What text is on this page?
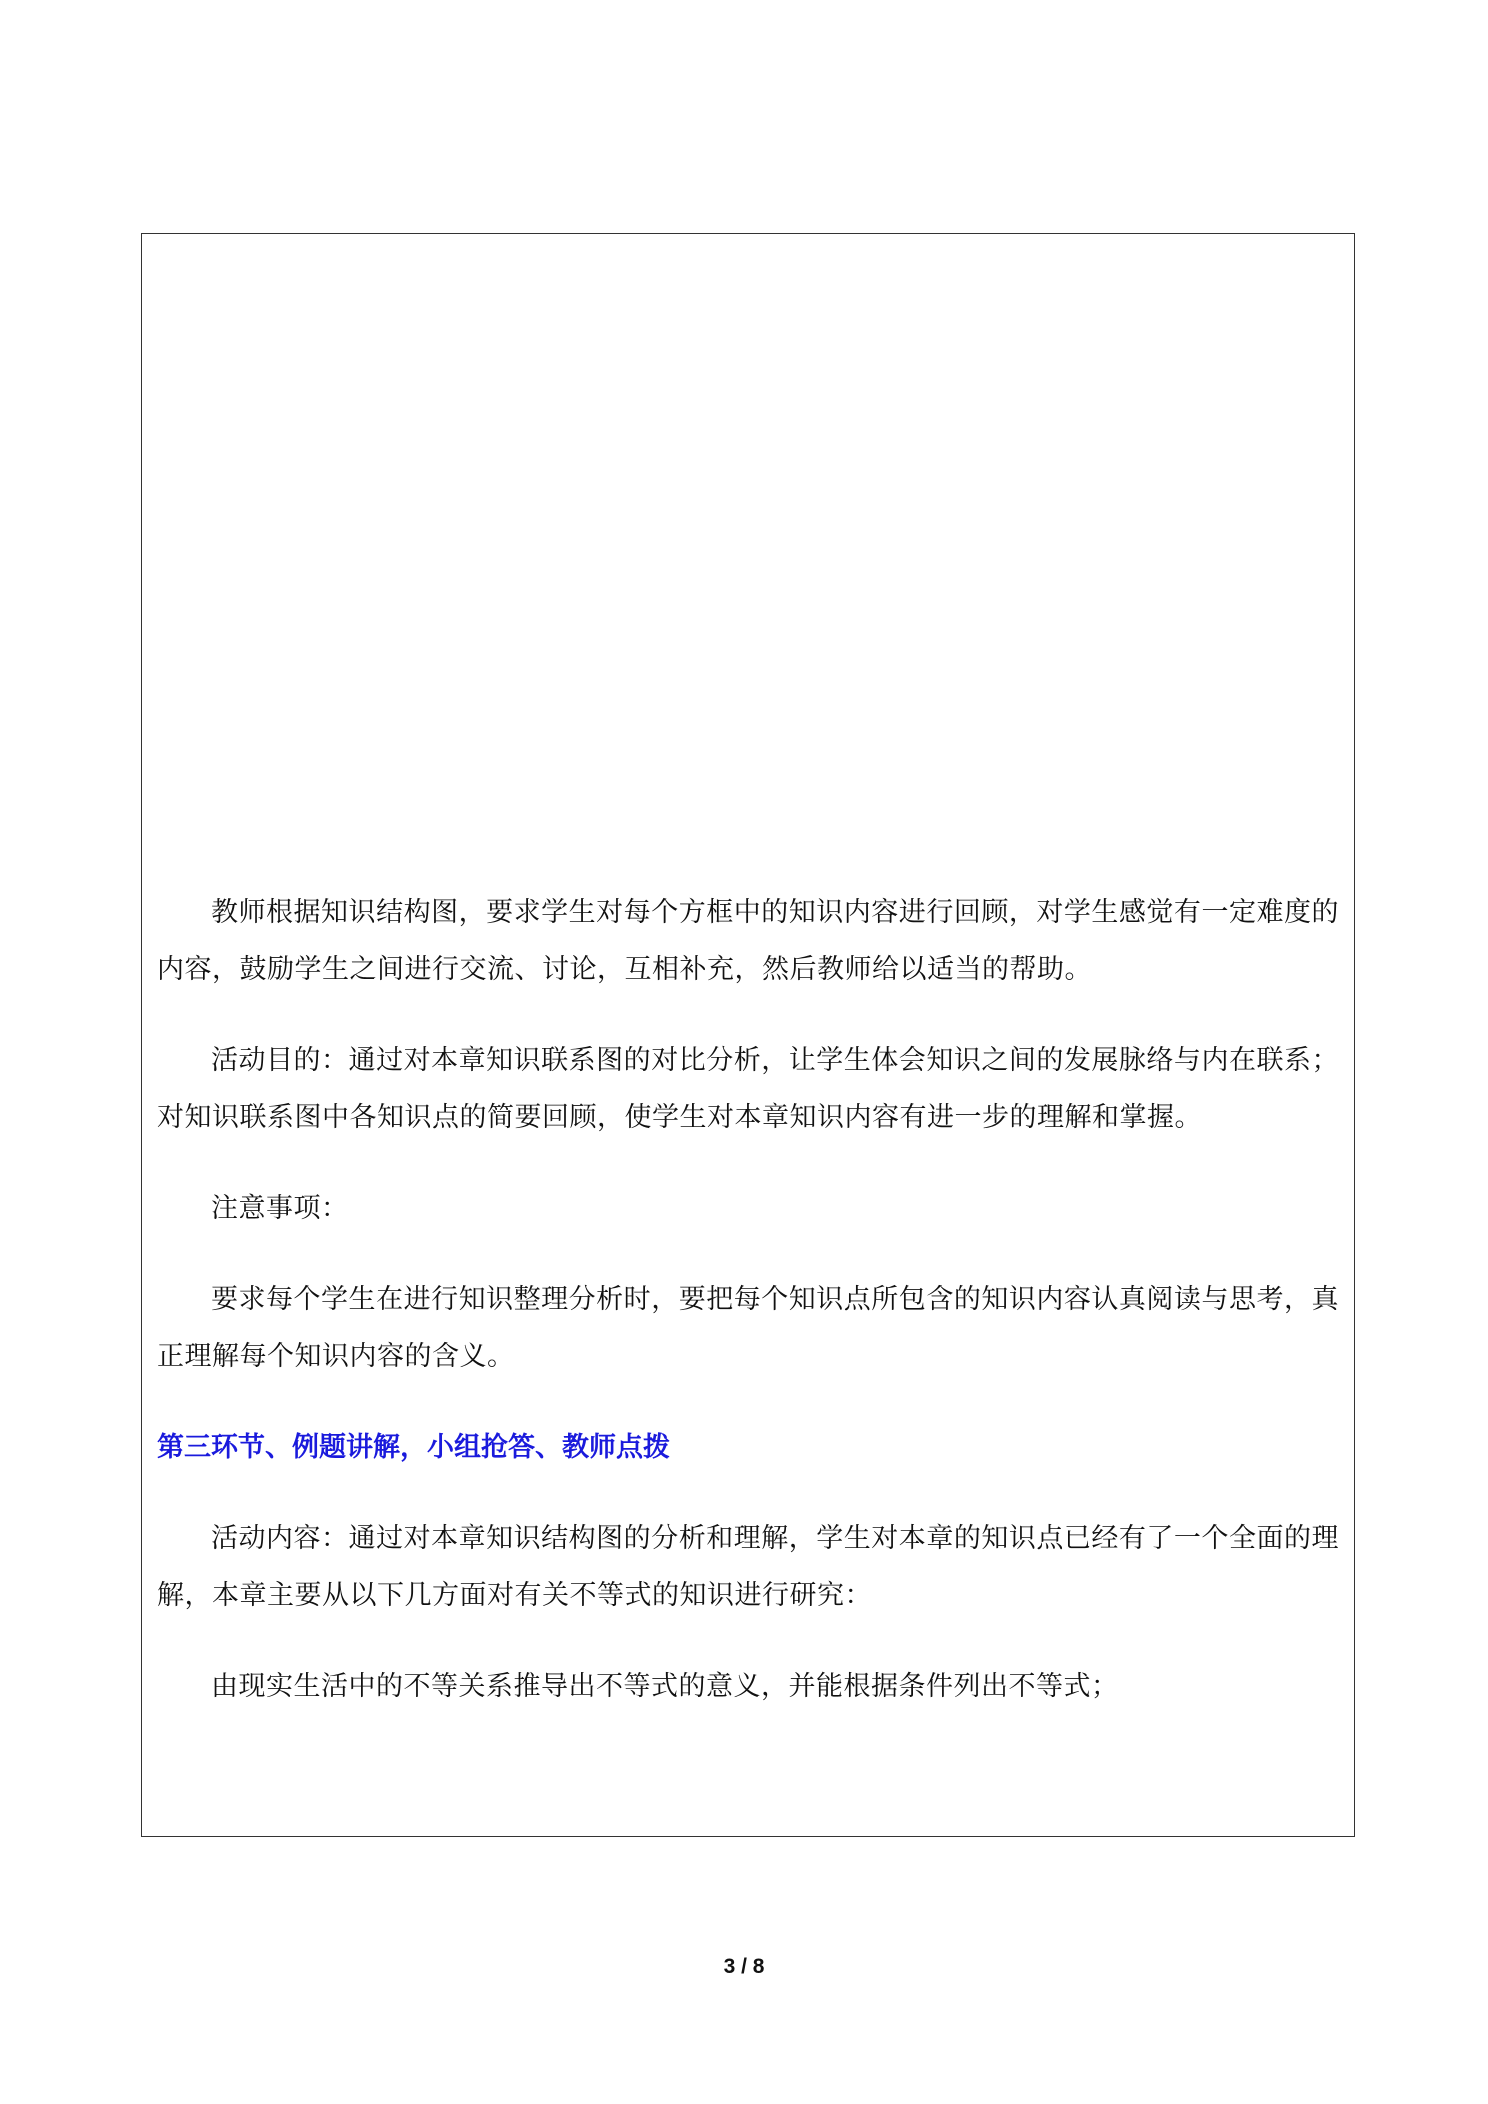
教师根据知识结构图，要求学生对每个方框中的知识内容进行回顾，对学生感觉有一定难度的内容，鼓励学生之间进行交流、讨论，互相补充，然后教师给以适当的帮助。

活动目的：通过对本章知识联系图的对比分析，让学生体会知识之间的发展脉络与内在联系；对知识联系图中各知识点的简要回顾，使学生对本章知识内容有进一步的理解和掌握。

注意事项：

要求每个学生在进行知识整理分析时，要把每个知识点所包含的知识内容认真阅读与思考，真正理解每个知识内容的含义。

第三环节、例题讲解，小组抢答、教师点拨

活动内容：通过对本章知识结构图的分析和理解，学生对本章的知识点已经有了一个全面的理解，本章主要从以下几方面对有关不等式的知识进行研究：

由现实生活中的不等关系推导出不等式的意义，并能根据条件列出不等式；

3 / 8
